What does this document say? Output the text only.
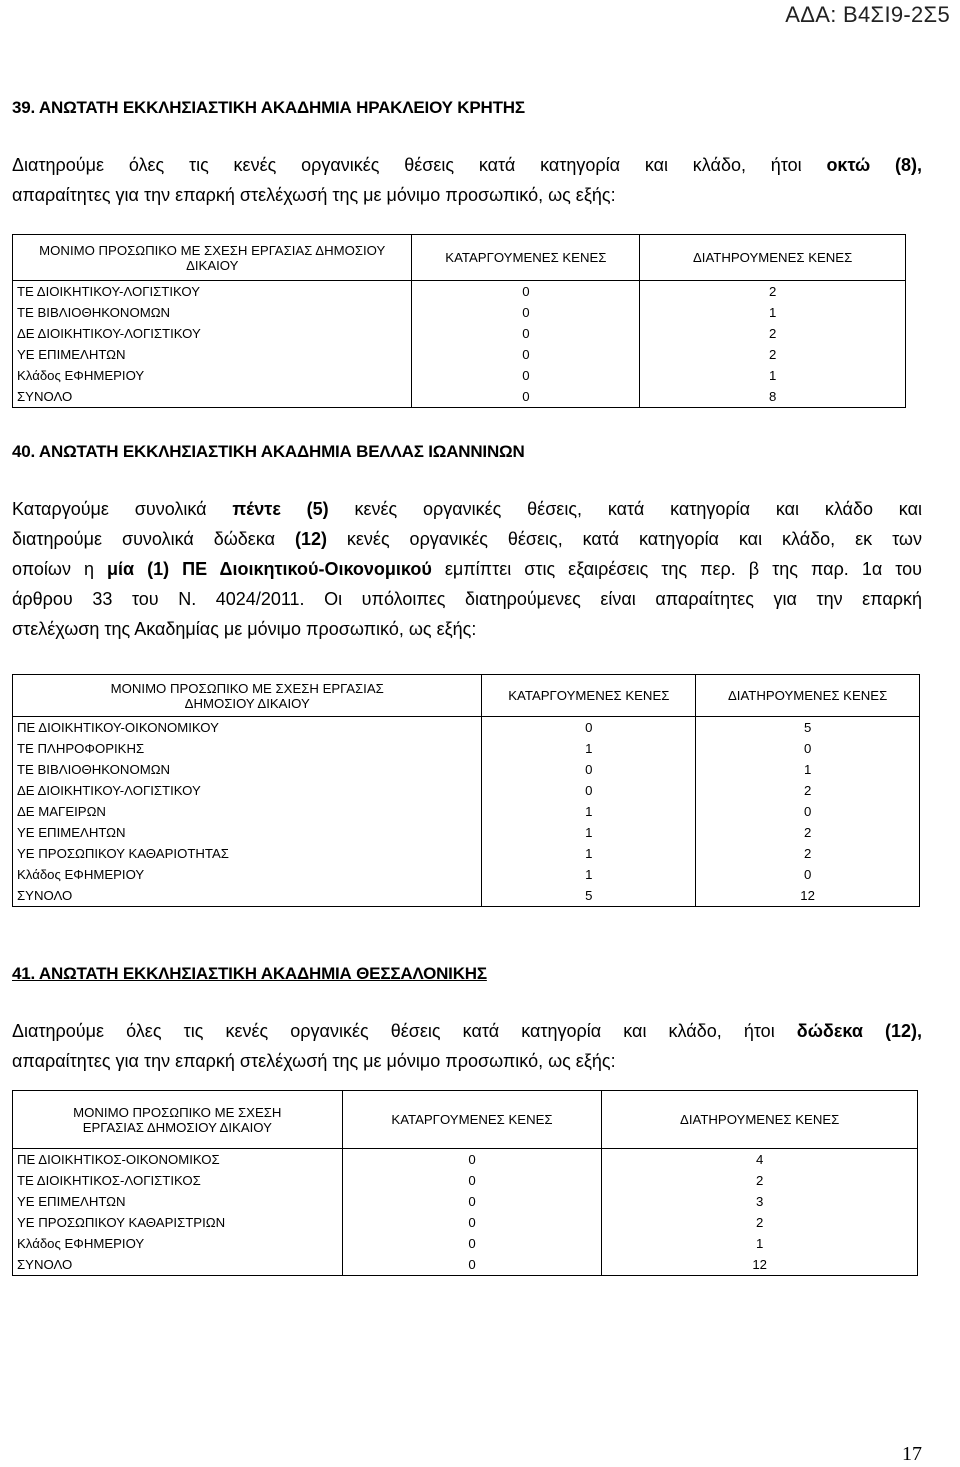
ΑΔΑ: Β4ΣΙ9-2Σ5
39. ΑΝΩΤΑΤΗ ΕΚΚΛΗΣΙΑΣΤΙΚΗ ΑΚΑΔΗΜΙΑ ΗΡΑΚΛΕΙΟΥ ΚΡΗΤΗΣ
Διατηρούμε όλες τις κενές οργανικές θέσεις κατά κατηγορία και κλάδο, ήτοι οκτώ (8),
απαραίτητες για την επαρκή στελέχωσή της με μόνιμο προσωπικό, ως εξής:
ΜΟΝΙΜΟ ΠΡΟΣΩΠΙΚΟ ΜΕ ΣΧΕΣΗ ΕΡΓΑΣΙΑΣ ΔΗΜΟΣΙΟΥ ΔΙΚΑΙΟΥ	ΚΑΤΑΡΓΟΥΜΕΝΕΣ ΚΕΝΕΣ	ΔΙΑΤΗΡΟΥΜΕΝΕΣ ΚΕΝΕΣ
ΤΕ ΔΙΟΙΚΗΤΙΚΟΥ-ΛΟΓΙΣΤΙΚΟΥ	0	2
ΤΕ ΒΙΒΛΙΟΘΗΚΟΝΟΜΩΝ	0	1
ΔΕ ΔΙΟΙΚΗΤΙΚΟΥ-ΛΟΓΙΣΤΙΚΟΥ	0	2
ΥΕ ΕΠΙΜΕΛΗΤΩΝ	0	2
Κλάδος ΕΦΗΜΕΡΙΟΥ	0	1
ΣΥΝΟΛΟ	0	8
40. ΑΝΩΤΑΤΗ ΕΚΚΛΗΣΙΑΣΤΙΚΗ ΑΚΑΔΗΜΙΑ ΒΕΛΛΑΣ ΙΩΑΝΝΙΝΩΝ
Καταργούμε συνολικά πέντε (5) κενές οργανικές θέσεις, κατά κατηγορία και κλάδο και
διατηρούμε συνολικά δώδεκα (12) κενές οργανικές θέσεις, κατά κατηγορία και κλάδο, εκ των
οποίων η μία (1) ΠΕ Διοικητικού-Οικονομικού εμπίπτει στις εξαιρέσεις της περ. β της παρ. 1α του
άρθρου 33 του Ν. 4024/2011. Οι υπόλοιπες διατηρούμενες είναι απαραίτητες για την επαρκή
στελέχωση της Ακαδημίας με μόνιμο προσωπικό, ως εξής:
ΜΟΝΙΜΟ ΠΡΟΣΩΠΙΚΟ ΜΕ ΣΧΕΣΗ ΕΡΓΑΣΙΑΣ ΔΗΜΟΣΙΟΥ ΔΙΚΑΙΟΥ	ΚΑΤΑΡΓΟΥΜΕΝΕΣ ΚΕΝΕΣ	ΔΙΑΤΗΡΟΥΜΕΝΕΣ ΚΕΝΕΣ
ΠΕ ΔΙΟΙΚΗΤΙΚΟΥ-ΟΙΚΟΝΟΜΙΚΟΥ	0	5
ΤΕ ΠΛΗΡΟΦΟΡΙΚΗΣ	1	0
ΤΕ ΒΙΒΛΙΟΘΗΚΟΝΟΜΩΝ	0	1
ΔΕ ΔΙΟΙΚΗΤΙΚΟΥ-ΛΟΓΙΣΤΙΚΟΥ	0	2
ΔΕ ΜΑΓΕΙΡΩΝ	1	0
ΥΕ ΕΠΙΜΕΛΗΤΩΝ	1	2
ΥΕ ΠΡΟΣΩΠΙΚΟΥ ΚΑΘΑΡΙΟΤΗΤΑΣ	1	2
Κλάδος ΕΦΗΜΕΡΙΟΥ	1	0
ΣΥΝΟΛΟ	5	12
41. ΑΝΩΤΑΤΗ ΕΚΚΛΗΣΙΑΣΤΙΚΗ ΑΚΑΔΗΜΙΑ ΘΕΣΣΑΛΟΝΙΚΗΣ
Διατηρούμε όλες τις κενές οργανικές θέσεις κατά κατηγορία και κλάδο, ήτοι δώδεκα (12),
απαραίτητες για την επαρκή στελέχωσή της με μόνιμο προσωπικό, ως εξής:
ΜΟΝΙΜΟ ΠΡΟΣΩΠΙΚΟ ΜΕ ΣΧΕΣΗ ΕΡΓΑΣΙΑΣ ΔΗΜΟΣΙΟΥ ΔΙΚΑΙΟΥ	ΚΑΤΑΡΓΟΥΜΕΝΕΣ ΚΕΝΕΣ	ΔΙΑΤΗΡΟΥΜΕΝΕΣ ΚΕΝΕΣ
ΠΕ ΔΙΟΙΚΗΤΙΚΟΣ-ΟΙΚΟΝΟΜΙΚΟΣ	0	4
ΤΕ ΔΙΟΙΚΗΤΙΚΟΣ-ΛΟΓΙΣΤΙΚΟΣ	0	2
ΥΕ ΕΠΙΜΕΛΗΤΩΝ	0	3
ΥΕ ΠΡΟΣΩΠΙΚΟΥ ΚΑΘΑΡΙΣΤΡΙΩΝ	0	2
Κλάδος ΕΦΗΜΕΡΙΟΥ	0	1
ΣΥΝΟΛΟ	0	12
17
